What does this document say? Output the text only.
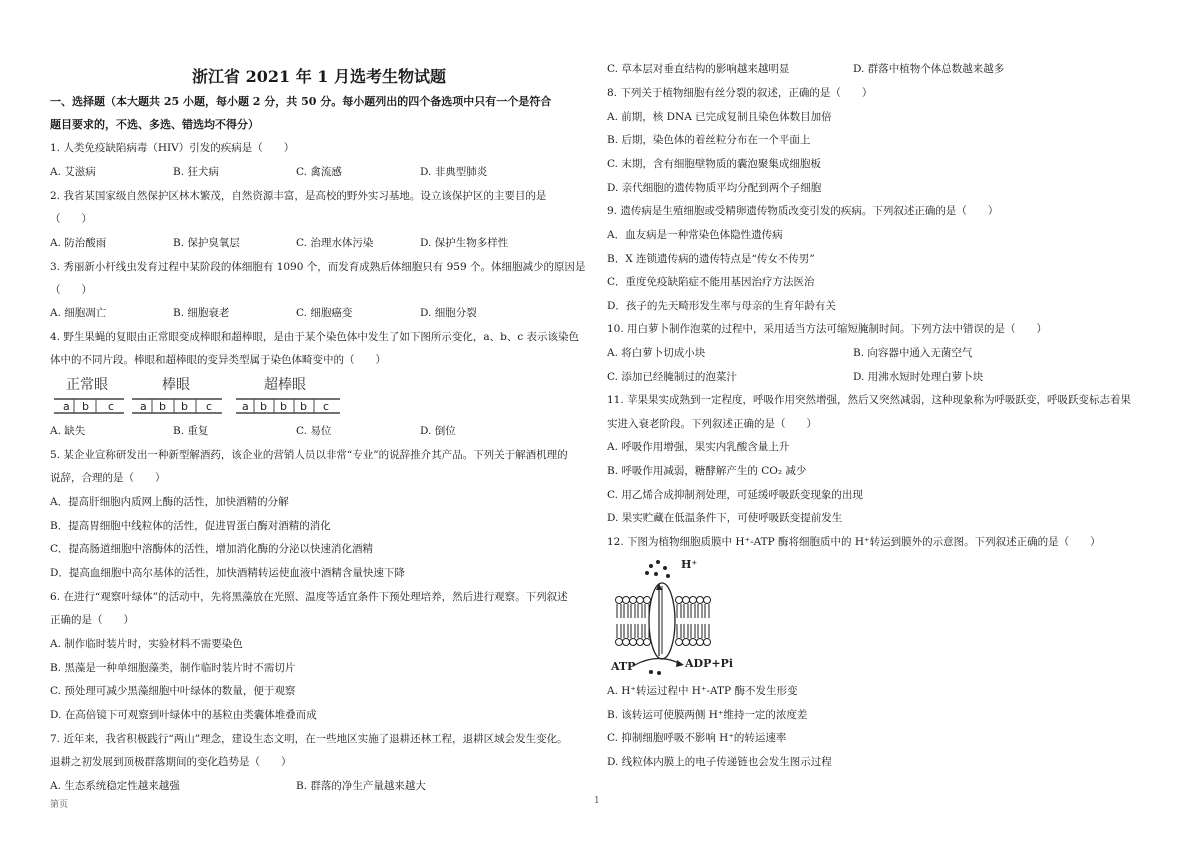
浙江省 2021 年 1 月选考生物试题
一、选择题（本大题共 25 小题，每小题 2 分，共 50 分。每小题列出的四个备选项中只有一个是符合
题目要求的，不选、多选、错选均不得分）
1. 人类免疫缺陷病毒（HIV）引发的疾病是（　　）
A. 艾滋病	B. 狂犬病	C. 禽流感	D. 非典型肺炎
2. 我省某国家级自然保护区林木繁茂，自然资源丰富，是高校的野外实习基地。设立该保护区的主要目的是
（　　）
A. 防治酸雨	B. 保护臭氧层	C. 治理水体污染	D. 保护生物多样性
3. 秀丽新小杆线虫发育过程中某阶段的体细胞有 1090 个，而发育成熟后体细胞只有 959 个。体细胞减少的原因是
（　　）
A. 细胞凋亡	B. 细胞衰老	C. 细胞癌变	D. 细胞分裂
4. 野生果蝇的复眼由正常眼变成棒眼和超棒眼，是由于某个染色体中发生了如下图所示变化，a、b、c 表示该染色
体中的不同片段。棒眼和超棒眼的变异类型属于染色体畸变中的（　　）
正常眼
a b c
棒眼
a b b c
超棒眼
a b b b c
A. 缺失	B. 重复	C. 易位	D. 倒位
5. 某企业宣称研发出一种新型解酒药，该企业的营销人员以非常“专业”的说辞推介其产品。下列关于解酒机理的
说辞，合理的是（　　）
A．提高肝细胞内质网上酶的活性，加快酒精的分解
B．提高胃细胞中线粒体的活性，促进胃蛋白酶对酒精的消化
C．提高肠道细胞中溶酶体的活性，增加消化酶的分泌以快速消化酒精
D．提高血细胞中高尔基体的活性，加快酒精转运使血液中酒精含量快速下降
6. 在进行“观察叶绿体”的活动中，先将黑藻放在光照、温度等适宜条件下预处理培养，然后进行观察。下列叙述
正确的是（　　）
A. 制作临时装片时，实验材料不需要染色
B. 黑藻是一种单细胞藻类，制作临时装片时不需切片
C. 预处理可减少黑藻细胞中叶绿体的数量，便于观察
D. 在高倍镜下可观察到叶绿体中的基粒由类囊体堆叠而成
7. 近年来，我省积极践行“两山”理念，建设生态文明，在一些地区实施了退耕还林工程，退耕区域会发生变化。
退耕之初发展到顶极群落期间的变化趋势是（　　）
A. 生态系统稳定性越来越强	B. 群落的净生产量越来越大
C. 草本层对垂直结构的影响越来越明显	D. 群落中植物个体总数越来越多
8. 下列关于植物细胞有丝分裂的叙述，正确的是（　　）
A. 前期，核 DNA 已完成复制且染色体数目加倍
B. 后期，染色体的着丝粒分布在一个平面上
C. 末期，含有细胞壁物质的囊泡聚集成细胞板
D. 亲代细胞的遗传物质平均分配到两个子细胞
9. 遗传病是生殖细胞或受精卵遗传物质改变引发的疾病。下列叙述正确的是（　　）
A．血友病是一种常染色体隐性遗传病
B．X 连锁遗传病的遗传特点是“传女不传男”
C．重度免疫缺陷症不能用基因治疗方法医治
D．孩子的先天畸形发生率与母亲的生育年龄有关
10. 用白萝卜制作泡菜的过程中，采用适当方法可缩短腌制时间。下列方法中错误的是（　　）
A. 将白萝卜切成小块	B. 向容器中通入无菌空气
C. 添加已经腌制过的泡菜汁	D. 用沸水短时处理白萝卜块
11. 苹果果实成熟到一定程度，呼吸作用突然增强，然后又突然减弱，这种现象称为呼吸跃变，呼吸跃变标志着果
实进入衰老阶段。下列叙述正确的是（　　）
A. 呼吸作用增强，果实内乳酸含量上升
B. 呼吸作用减弱，糖酵解产生的 CO₂ 减少
C. 用乙烯合成抑制剂处理，可延缓呼吸跃变现象的出现
D. 果实贮藏在低温条件下，可使呼吸跃变提前发生
12. 下图为植物细胞质膜中 H⁺-ATP 酶将细胞质中的 H⁺转运到膜外的示意图。下列叙述正确的是（　　）
H⁺
ATP	ADP+Pi
A. H⁺转运过程中 H⁺-ATP 酶不发生形变
B. 该转运可使膜两侧 H⁺维持一定的浓度差
C. 抑制细胞呼吸不影响 H⁺的转运速率
D. 线粒体内膜上的电子传递链也会发生图示过程
第页	1
